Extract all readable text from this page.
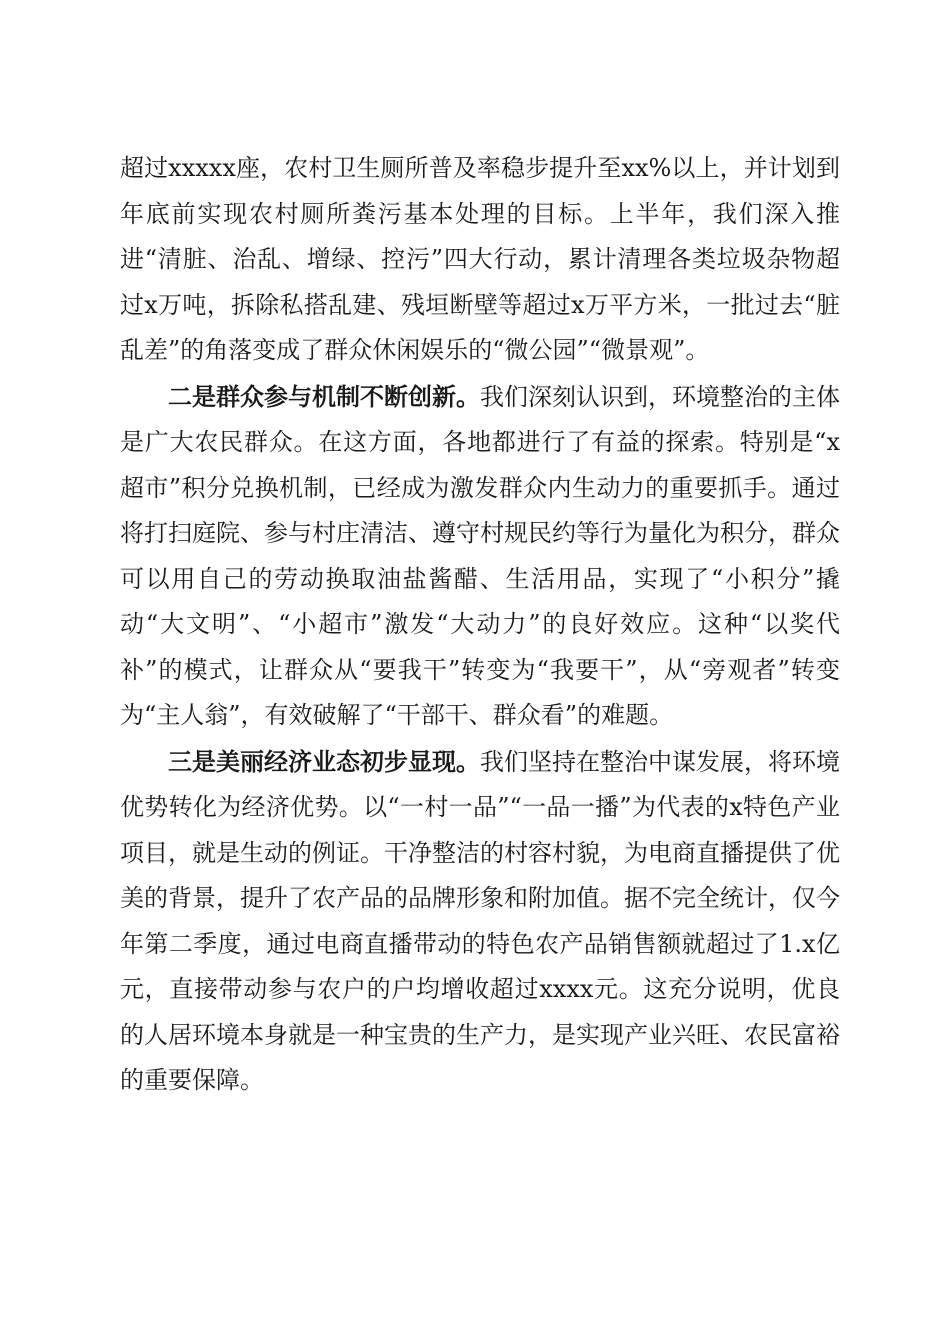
超过xxxxx座，农村卫生厕所普及率稳步提升至xx%以上，并计划到年底前实现农村厕所粪污基本处理的目标。上半年，我们深入推进“清脏、治乱、增绿、控污”四大行动，累计清理各类垃圾杂物超过x万吨，拆除私搭乱建、残垣断壁等超过x万平方米，一批过去“脏乱差”的角落变成了群众休闲娱乐的“微公园”“微景观”。

二是群众参与机制不断创新。我们深刻认识到，环境整治的主体是广大农民群众。在这方面，各地都进行了有益的探索。特别是“x超市”积分兑换机制，已经成为激发群众内生动力的重要抓手。通过将打扫庭院、参与村庄清洁、遵守村规民约等行为量化为积分，群众可以用自己的劳动换取油盐酱醋、生活用品，实现了“小积分”撬动“大文明”、“小超市”激发“大动力”的良好效应。这种“以奖代补”的模式，让群众从“要我干”转变为“我要干”，从“旁观者”转变为“主人翁”，有效破解了“干部干、群众看”的难题。

三是美丽经济业态初步显现。我们坚持在整治中谋发展，将环境优势转化为经济优势。以“一村一品”“一品一播”为代表的x特色产业项目，就是生动的例证。干净整洁的村容村貌，为电商直播提供了优美的背景，提升了农产品的品牌形象和附加值。据不完全统计，仅今年第二季度，通过电商直播带动的特色农产品销售额就超过了1.x亿元，直接带动参与农户的户均增收超过xxxx元。这充分说明，优良的人居环境本身就是一种宝贵的生产力，是实现产业兴旺、农民富裕的重要保障。
